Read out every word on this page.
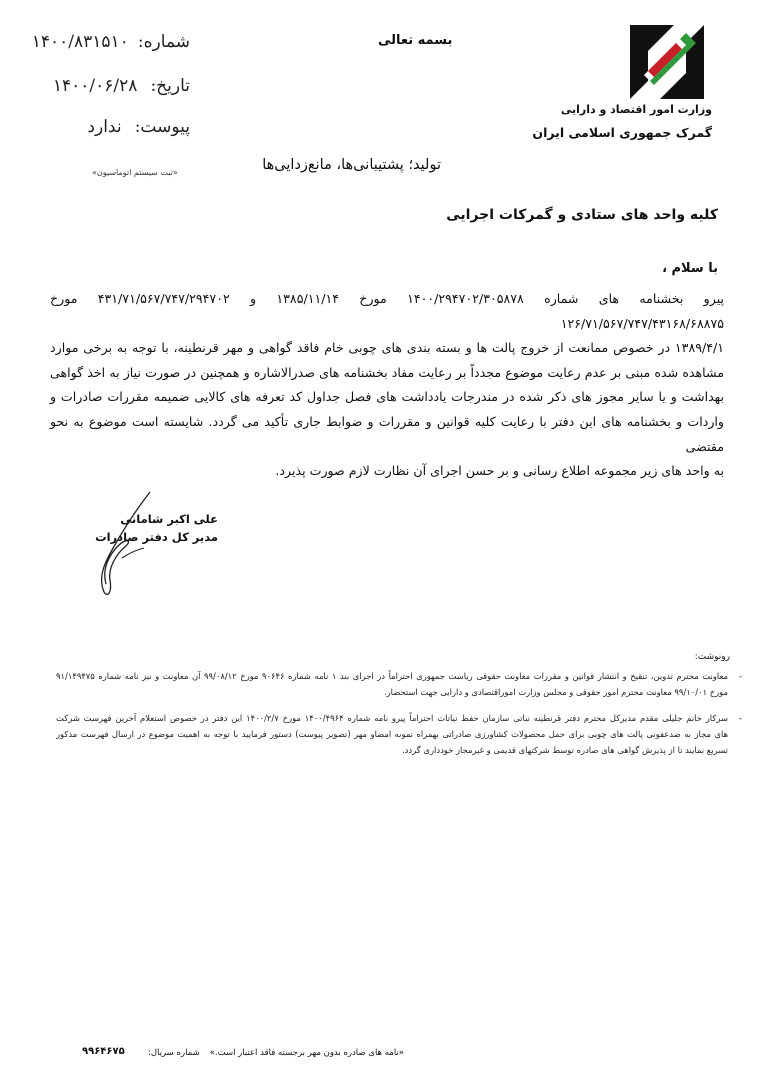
شماره: ۱۴۰۰/۸۳۱۵۱۰
تاریخ: ۱۴۰۰/۰۶/۲۸
پیوست: ندارد
«ثبت سیستم اتوماسیون»
بسمه تعالی
وزارت امور اقتصاد و دارایی
گمرک جمهوری اسلامی ایران
تولید؛ پشتیبانی‌ها، مانع‌زدایی‌ها
کلیه واحد های ستادی و گمرکات اجرایی
با سلام ،
پیرو بخشنامه های شماره ۱۴۰۰/۲۹۴۷۰۲/۳۰۵۸۷۸ مورخ ۱۳۸۵/۱۱/۱۴ و ۴۳۱/۷۱/۵۶۷/۷۴۷/۲۹۴۷۰۲ مورخ ۱۲۶/۷۱/۵۶۷/۷۴۷/۴۳۱۶۸/۶۸۸۷۵
۱۳۸۹/۴/۱ در خصوص ممانعت از خروج پالت ها و بسته بندی های چوبی خام فاقد گواهی و مهر قرنطینه، با توجه به برخی موارد
مشاهده شده مبنی بر عدم رعایت موضوع مجدداً بر رعایت مفاد بخشنامه های صدرالاشاره و همچنین در صورت نیاز به اخذ گواهی
بهداشت و یا سایر مجوز های ذکر شده در مندرجات یادداشت های فصل جداول کد تعرفه های کالایی ضمیمه مقررات صادرات و
واردات و بخشنامه های این دفتر با رعایت کلیه قوانین و مقررات و ضوابط جاری تأکید می گردد. شایسته است موضوع به نحو مقتضی
به واحد های زیر مجموعه اطلاع رسانی و بر حسن اجرای آن نظارت لازم صورت پذیرد.
علی اکبر شامانی
مدیر کل دفتر صادرات
رونوشت:
-
معاونت محترم تدوین، تنقیح و انتشار قوانین و مقررات معاونت حقوقی ریاست جمهوری احتراماً در اجرای بند ۱ نامه شماره ۹۰۶۴۶ مورخ ۹۹/۰۸/۱۲ آن معاونت و نیز نامه شماره ۹۱/۱۴۹۴۷۵
مورخ ۹۹/۱۰/۰۱ معاونت محترم امور حقوقی و مجلس وزارت اموراقتصادی و دارایی جهت استحضار.
-
سرکار خانم جلیلی مقدم مدیرکل محترم دفتر قرنطینه نباتی سازمان حفظ نباتات احتراماً پیرو نامه شماره ۱۴۰۰/۴۹۶۴ مورخ ۱۴۰۰/۲/۷ این دفتر در خصوص استعلام آخرین فهرست شرکت
های مجاز به ضدعفونی پالت های چوبی برای حمل محصولات کشاورزی صادراتی بهمراه نمونه امضاو مهر (تصویر پیوست) دستور فرمایید با توجه به اهمیت موضوع در ارسال فهرست مذکور
تسریع نمایند تا از پذیرش گواهی های صادره توسط شرکتهای قدیمی و غیرمجاز خودداری گردد.
«نامه های صادره بدون مهر برجسته فاقد اعتبار است.»
شماره سریال:
۹۹۶۴۶۷۵
